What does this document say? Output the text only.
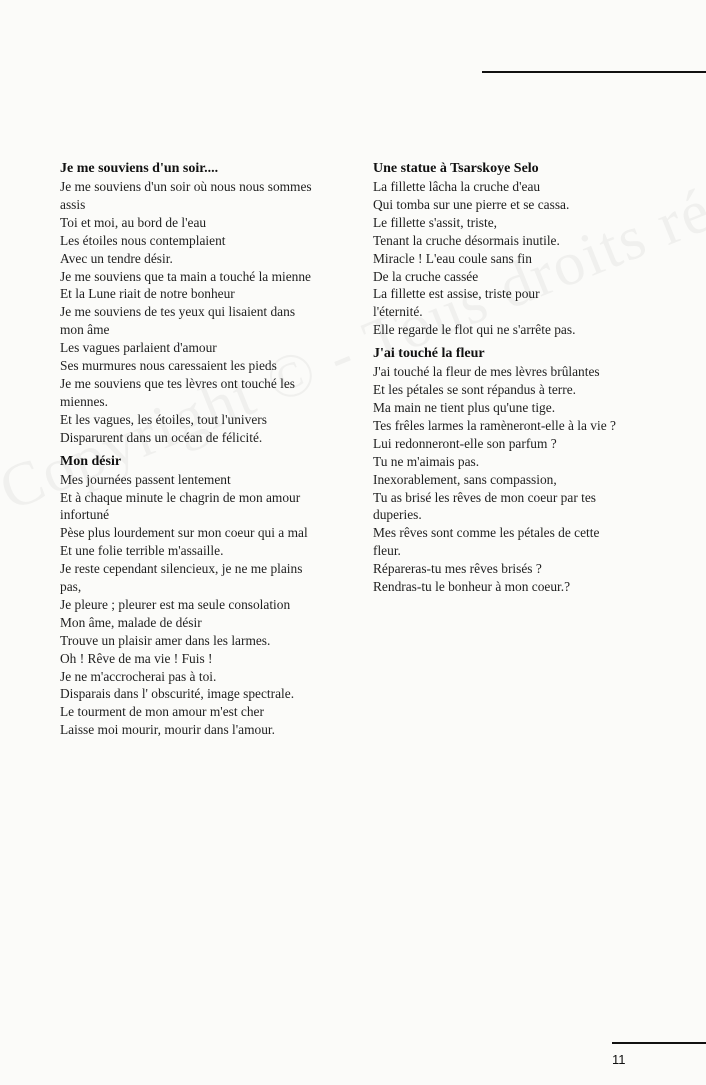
Je me souviens d'un soir....

Je me souviens d'un soir où nous nous sommes

assis

Toi et moi, au bord de l'eau

Les étoiles nous contemplaient

Avec un tendre désir.

Je me souviens que ta main a touché la mienne

Et la Lune riait de notre bonheur

Je me souviens de tes yeux qui lisaient dans

mon âme

Les vagues parlaient d'amour

Ses murmures nous caressaient les pieds

Je me souviens que tes lèvres ont touché les

miennes.

Et les vagues, les étoiles, tout l'univers

Disparurent dans un océan de félicité.

Mon désir

Mes journées passent lentement

Et à chaque minute le chagrin de mon amour

infortuné

Pèse plus lourdement sur mon coeur qui a mal

Et une folie terrible m'assaille.

Je reste cependant silencieux, je ne me plains

pas,

Je pleure ; pleurer est ma seule consolation

Mon âme, malade de désir

Trouve un plaisir amer dans les larmes.

Oh ! Rêve de ma vie ! Fuis !

Je ne m'accrocherai pas à toi.

Disparais dans l' obscurité, image spectrale.

Le tourment de mon amour m'est cher

Laisse moi mourir, mourir dans l'amour.

Une statue à Tsarskoye Selo

La fillette lâcha la cruche d'eau

Qui tomba sur une pierre et se cassa.

Le fillette s'assit, triste,

Tenant la cruche désormais inutile.

Miracle ! L'eau coule sans fin

De la cruche cassée

La fillette est assise, triste pour

l'éternité.

Elle regarde le flot qui ne s'arrête pas.

J'ai touché la fleur

J'ai touché la fleur de mes lèvres brûlantes

Et les pétales se sont répandus à terre.

Ma main ne tient plus qu'une tige.

Tes frêles larmes la ramèneront-elle à la vie ?

Lui redonneront-elle son parfum ?

Tu ne m'aimais pas.

Inexorablement, sans compassion,

Tu as brisé les rêves de mon coeur par tes

duperies.

Mes rêves sont comme les pétales de cette

fleur.

Répareras-tu mes rêves brisés ?

Rendras-tu le bonheur à mon coeur.?

11
